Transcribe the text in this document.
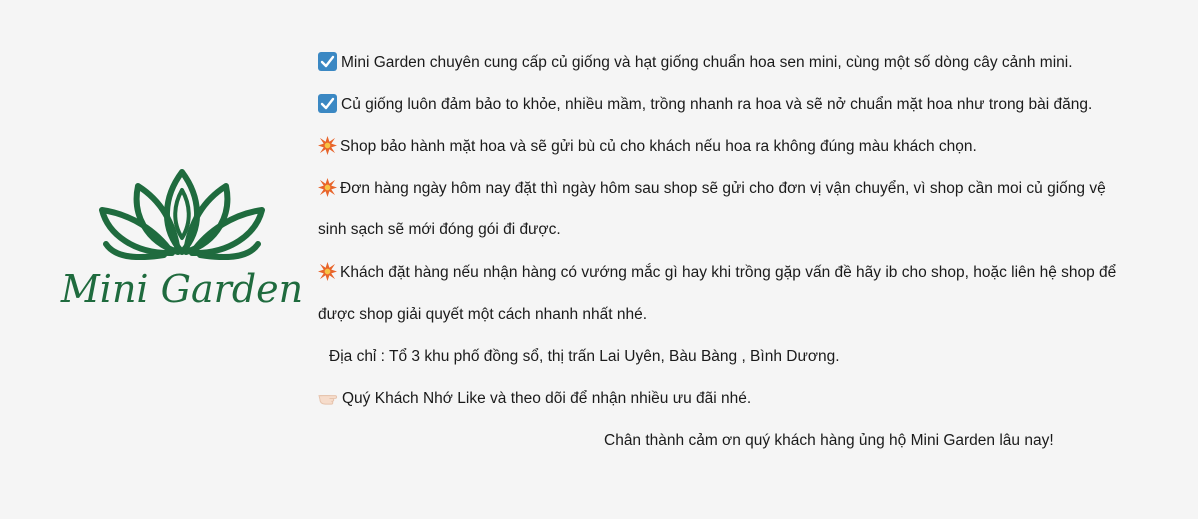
Mini Garden
Mini Garden chuyên cung cấp củ giống và hạt giống chuẩn hoa sen mini, cùng một số dòng cây cảnh mini.
Củ giống luôn đảm bảo to khỏe, nhiều mầm, trồng nhanh ra hoa và sẽ nở chuẩn mặt hoa như trong bài đăng.
Shop bảo hành mặt hoa và sẽ gửi bù củ cho khách nếu hoa ra không đúng màu khách chọn.
Đơn hàng ngày hôm nay đặt thì ngày hôm sau shop sẽ gửi cho đơn vị vận chuyển, vì shop cần moi củ giống vệ
sinh sạch sẽ mới đóng gói đi được.
Khách đặt hàng nếu nhận hàng có vướng mắc gì hay khi trồng gặp vấn đề hãy ib cho shop, hoặc liên hệ shop để
được shop giải quyết một cách nhanh nhất nhé.
Địa chỉ : Tổ 3 khu phố đồng sổ, thị trấn Lai Uyên, Bàu Bàng , Bình Dương.
Quý Khách Nhớ Like và theo dõi để nhận nhiều ưu đãi nhé.
Chân thành cảm ơn quý khách hàng ủng hộ Mini Garden lâu nay!
